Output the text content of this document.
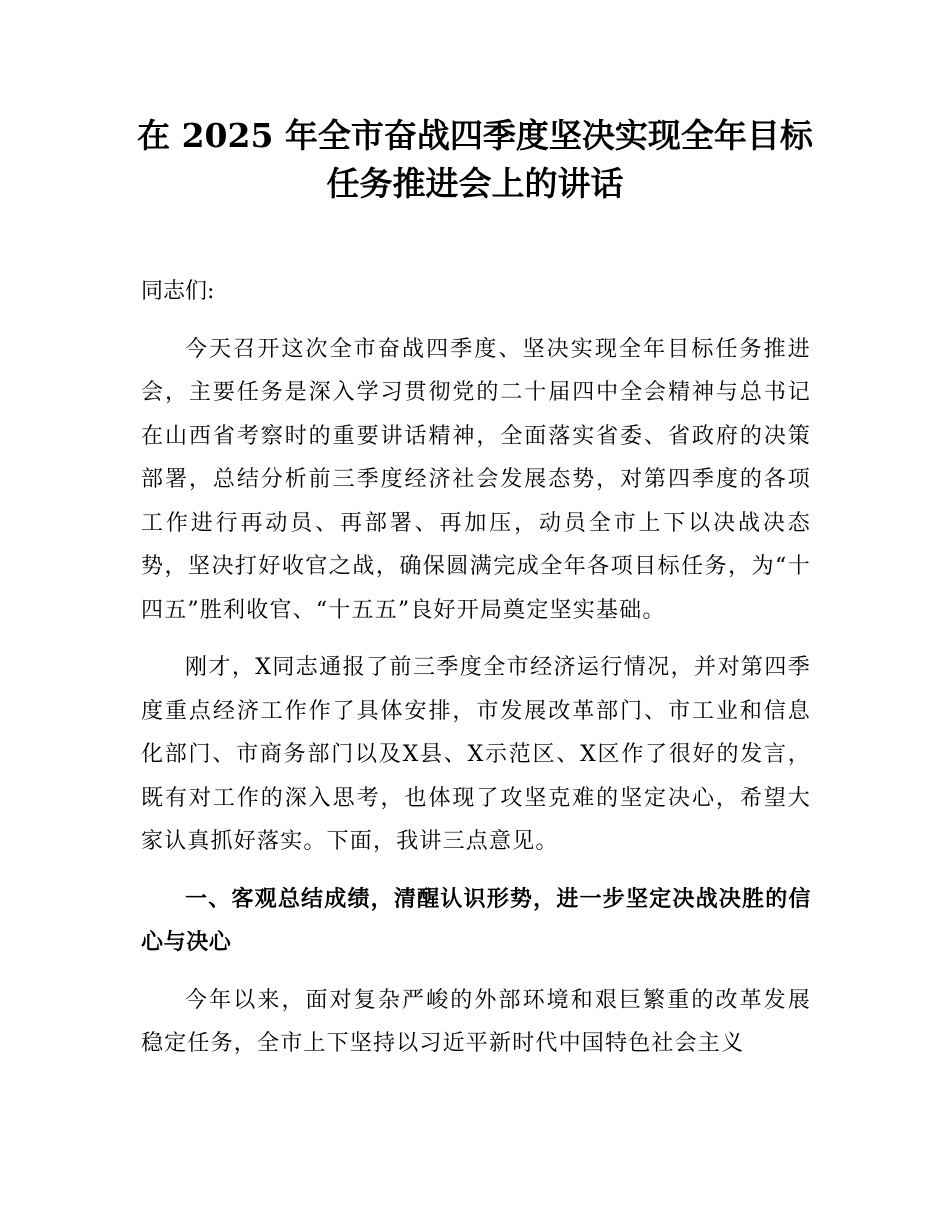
在 2025 年全市奋战四季度坚决实现全年目标
任务推进会上的讲话

同志们:

今天召开这次全市奋战四季度、坚决实现全年目标任务推进会，主要任务是深入学习贯彻党的二十届四中全会精神与总书记在山西省考察时的重要讲话精神，全面落实省委、省政府的决策部署，总结分析前三季度经济社会发展态势，对第四季度的各项工作进行再动员、再部署、再加压，动员全市上下以决战决态势，坚决打好收官之战，确保圆满完成全年各项目标任务，为“十四五”胜利收官、“十五五”良好开局奠定坚实基础。

刚才，X同志通报了前三季度全市经济运行情况，并对第四季度重点经济工作作了具体安排，市发展改革部门、市工业和信息化部门、市商务部门以及X县、X示范区、X区作了很好的发言，既有对工作的深入思考，也体现了攻坚克难的坚定决心，希望大家认真抓好落实。下面，我讲三点意见。

一、客观总结成绩，清醒认识形势，进一步坚定决战决胜的信心与决心

今年以来，面对复杂严峻的外部环境和艰巨繁重的改革发展稳定任务，全市上下坚持以习近平新时代中国特色社会主义
